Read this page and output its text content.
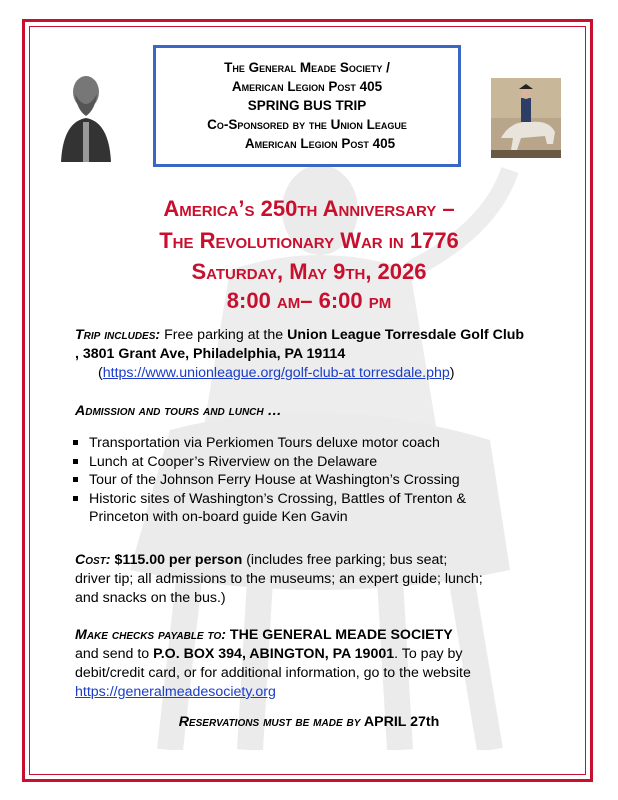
The General Meade Society /
American Legion Post 405
SPRING BUS TRIP
Co-Sponsored by the Union League
American Legion Post 405
America’s 250th Anniversary –
The Revolutionary War in 1776
Saturday, May 9th, 2026
8:00 am– 6:00 pm
Trip includes: Free parking at the Union League Torresdale Golf Club
, 3801 Grant Ave, Philadelphia, PA 19114
(https://www.unionleague.org/golf-club-at torresdale.php)
Admission and tours and lunch …
Transportation via Perkiomen Tours deluxe motor coach
Lunch at Cooper’s Riverview on the Delaware
Tour of the Johnson Ferry House at Washington’s Crossing
Historic sites of Washington’s Crossing, Battles of Trenton &
Princeton with on-board guide Ken Gavin
Cost: $115.00 per person (includes free parking; bus seat;
driver tip; all admissions to the museums; an expert guide; lunch;
and snacks on the bus.)
Make checks payable to: THE GENERAL MEADE SOCIETY
and send to P.O. BOX 394, ABINGTON, PA 19001. To pay by
debit/credit card, or for additional information, go to the website
https://generalmeadesociety.org
Reservations must be made by APRIL 27th
